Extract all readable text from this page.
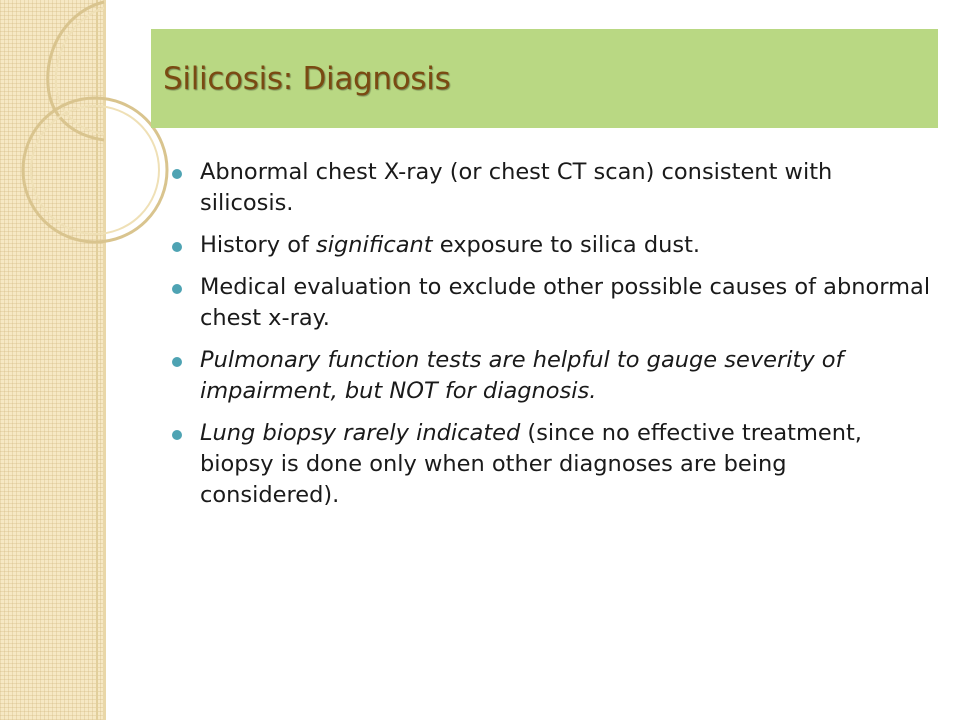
Silicosis: Diagnosis
Abnormal chest X-ray (or chest CT scan) consistent with silicosis.
History of significant exposure to silica dust.
Medical evaluation to exclude other possible causes of abnormal chest x-ray.
Pulmonary function tests are helpful to gauge severity of impairment, but NOT for diagnosis.
Lung biopsy rarely indicated (since no effective treatment, biopsy is done only when other diagnoses are being considered).
